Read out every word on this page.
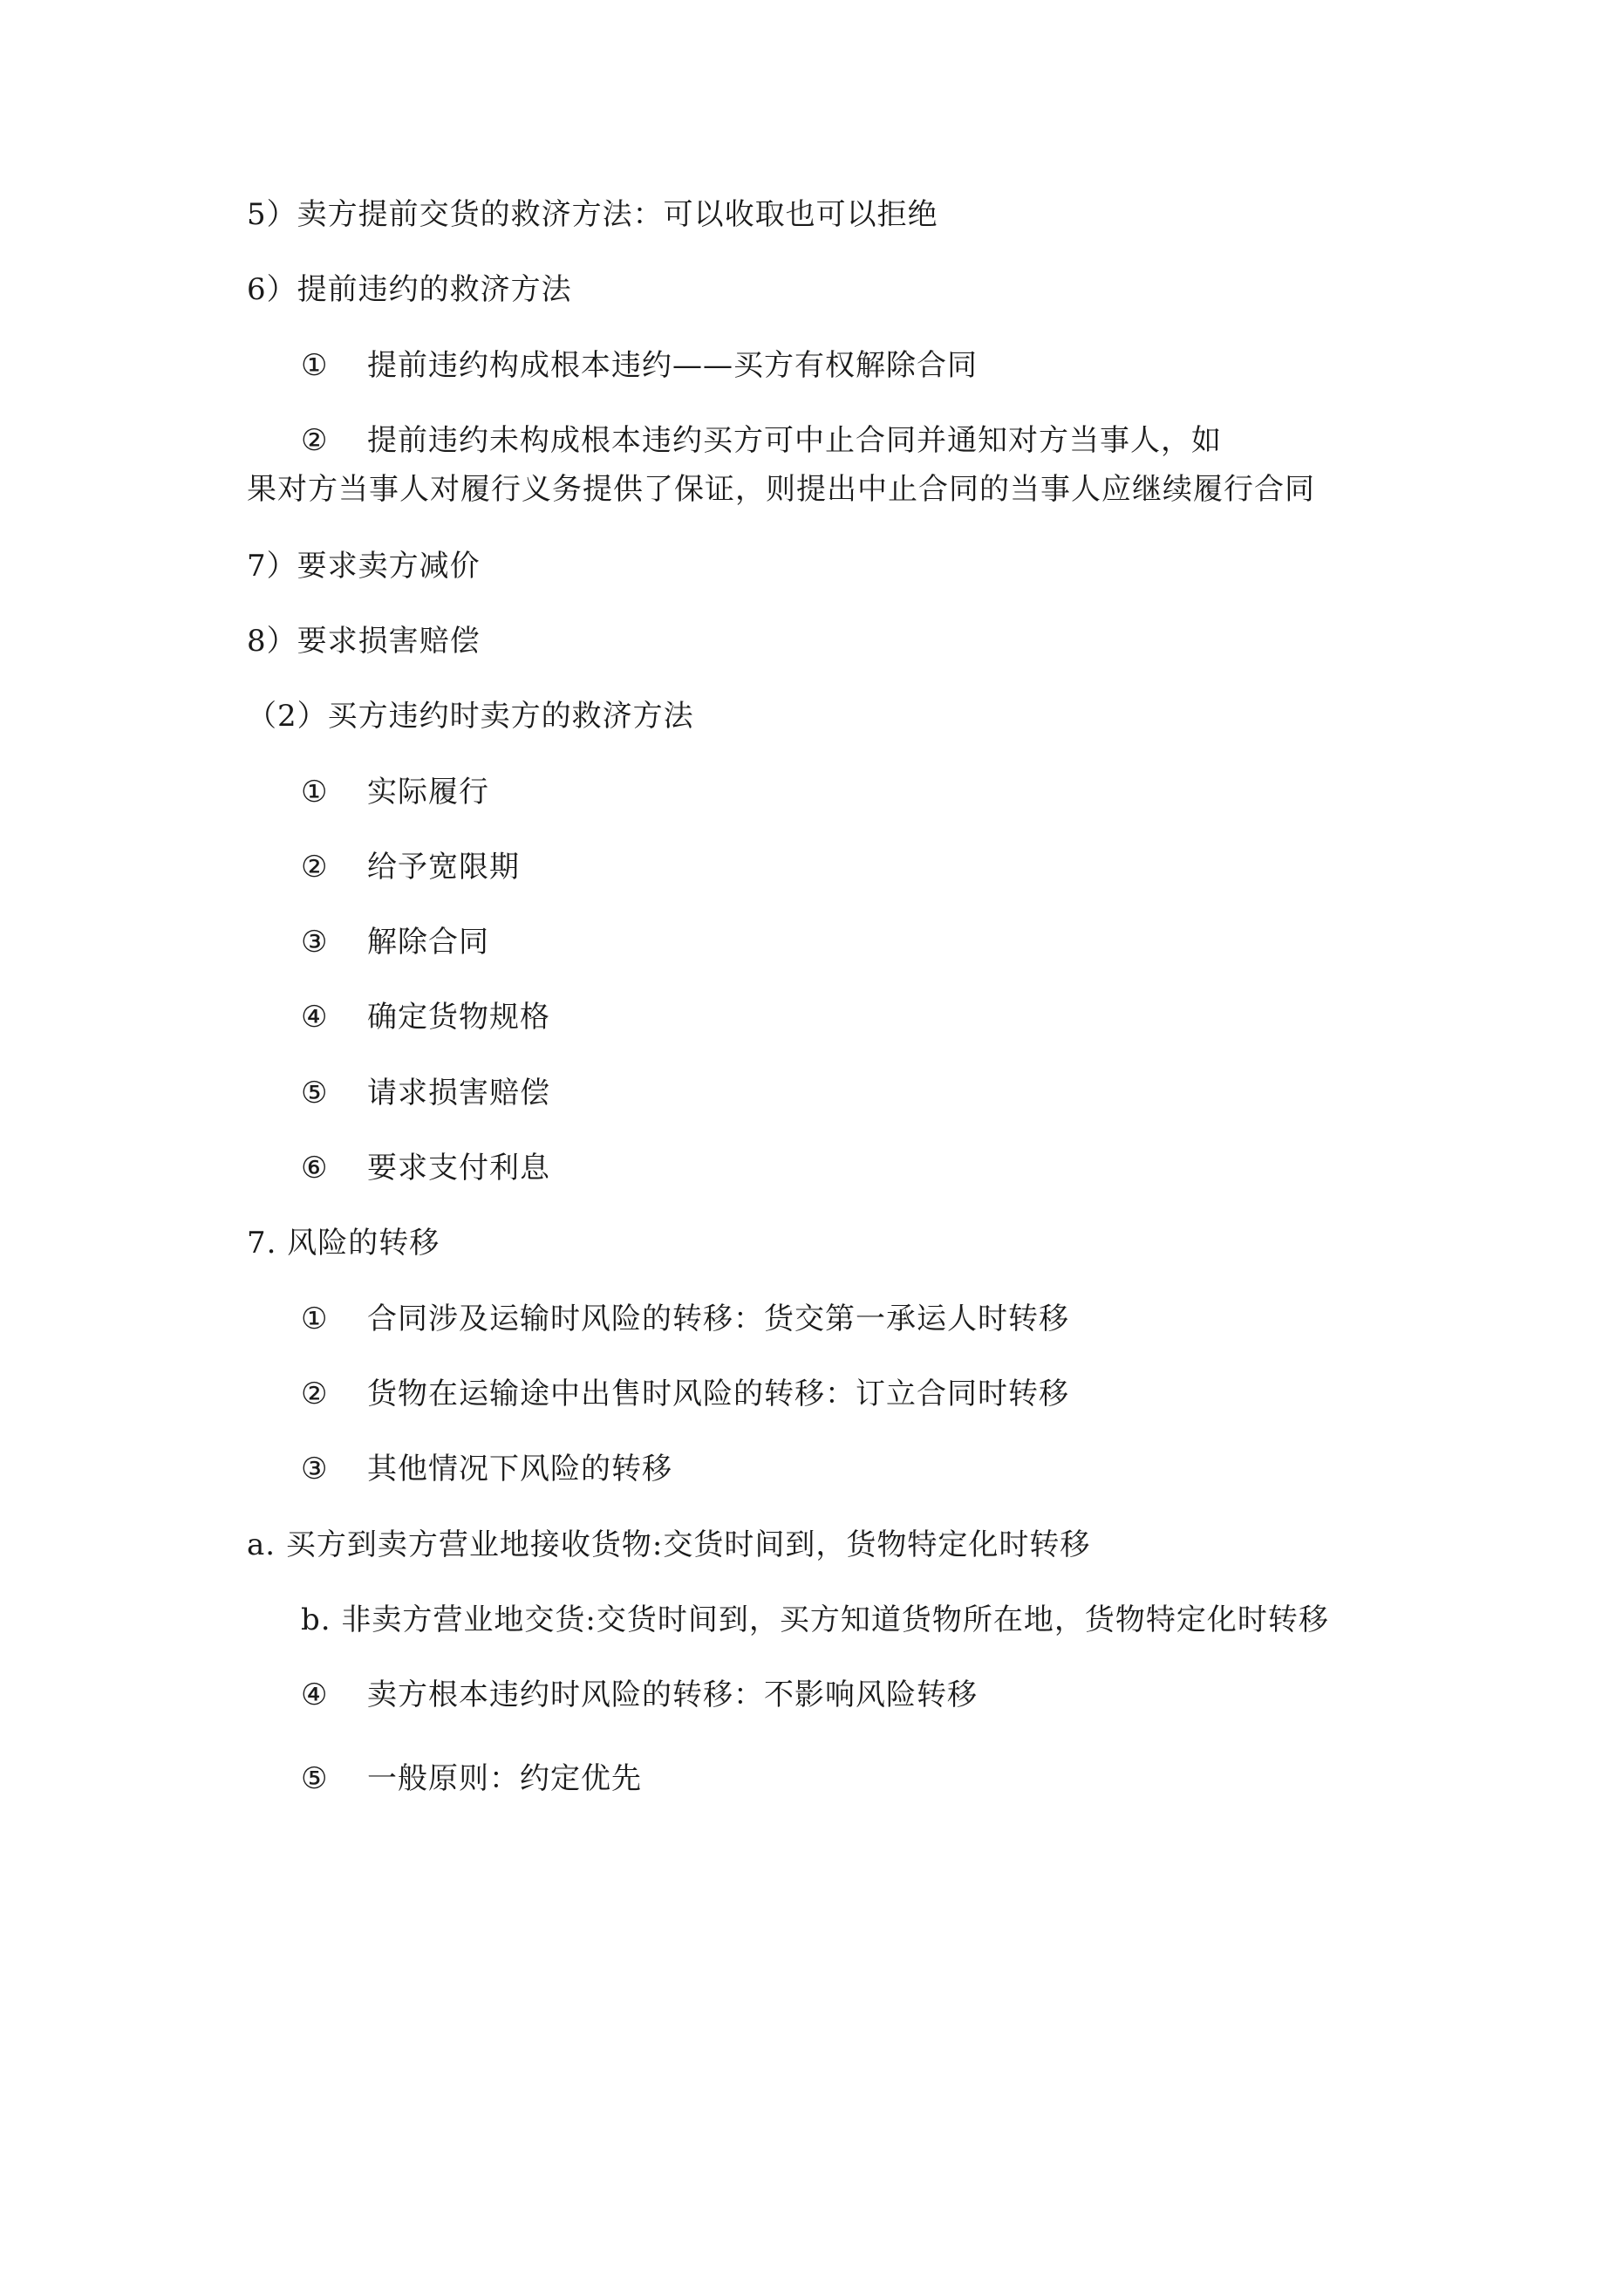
5）卖方提前交货的救济方法：可以收取也可以拒绝
6）提前违约的救济方法
① 提前违约构成根本违约——买方有权解除合同
② 提前违约未构成根本违约买方可中止合同并通知对方当事人，如
果对方当事人对履行义务提供了保证，则提出中止合同的当事人应继续履行合同
7）要求卖方减价
8）要求损害赔偿
（2）买方违约时卖方的救济方法
① 实际履行
② 给予宽限期
③ 解除合同
④ 确定货物规格
⑤ 请求损害赔偿
⑥ 要求支付利息
7. 风险的转移
① 合同涉及运输时风险的转移：货交第一承运人时转移
② 货物在运输途中出售时风险的转移：订立合同时转移
③ 其他情况下风险的转移
a. 买方到卖方营业地接收货物:交货时间到，货物特定化时转移
b. 非卖方营业地交货:交货时间到，买方知道货物所在地，货物特定化时转移
④ 卖方根本违约时风险的转移：不影响风险转移
⑤ 一般原则：约定优先
